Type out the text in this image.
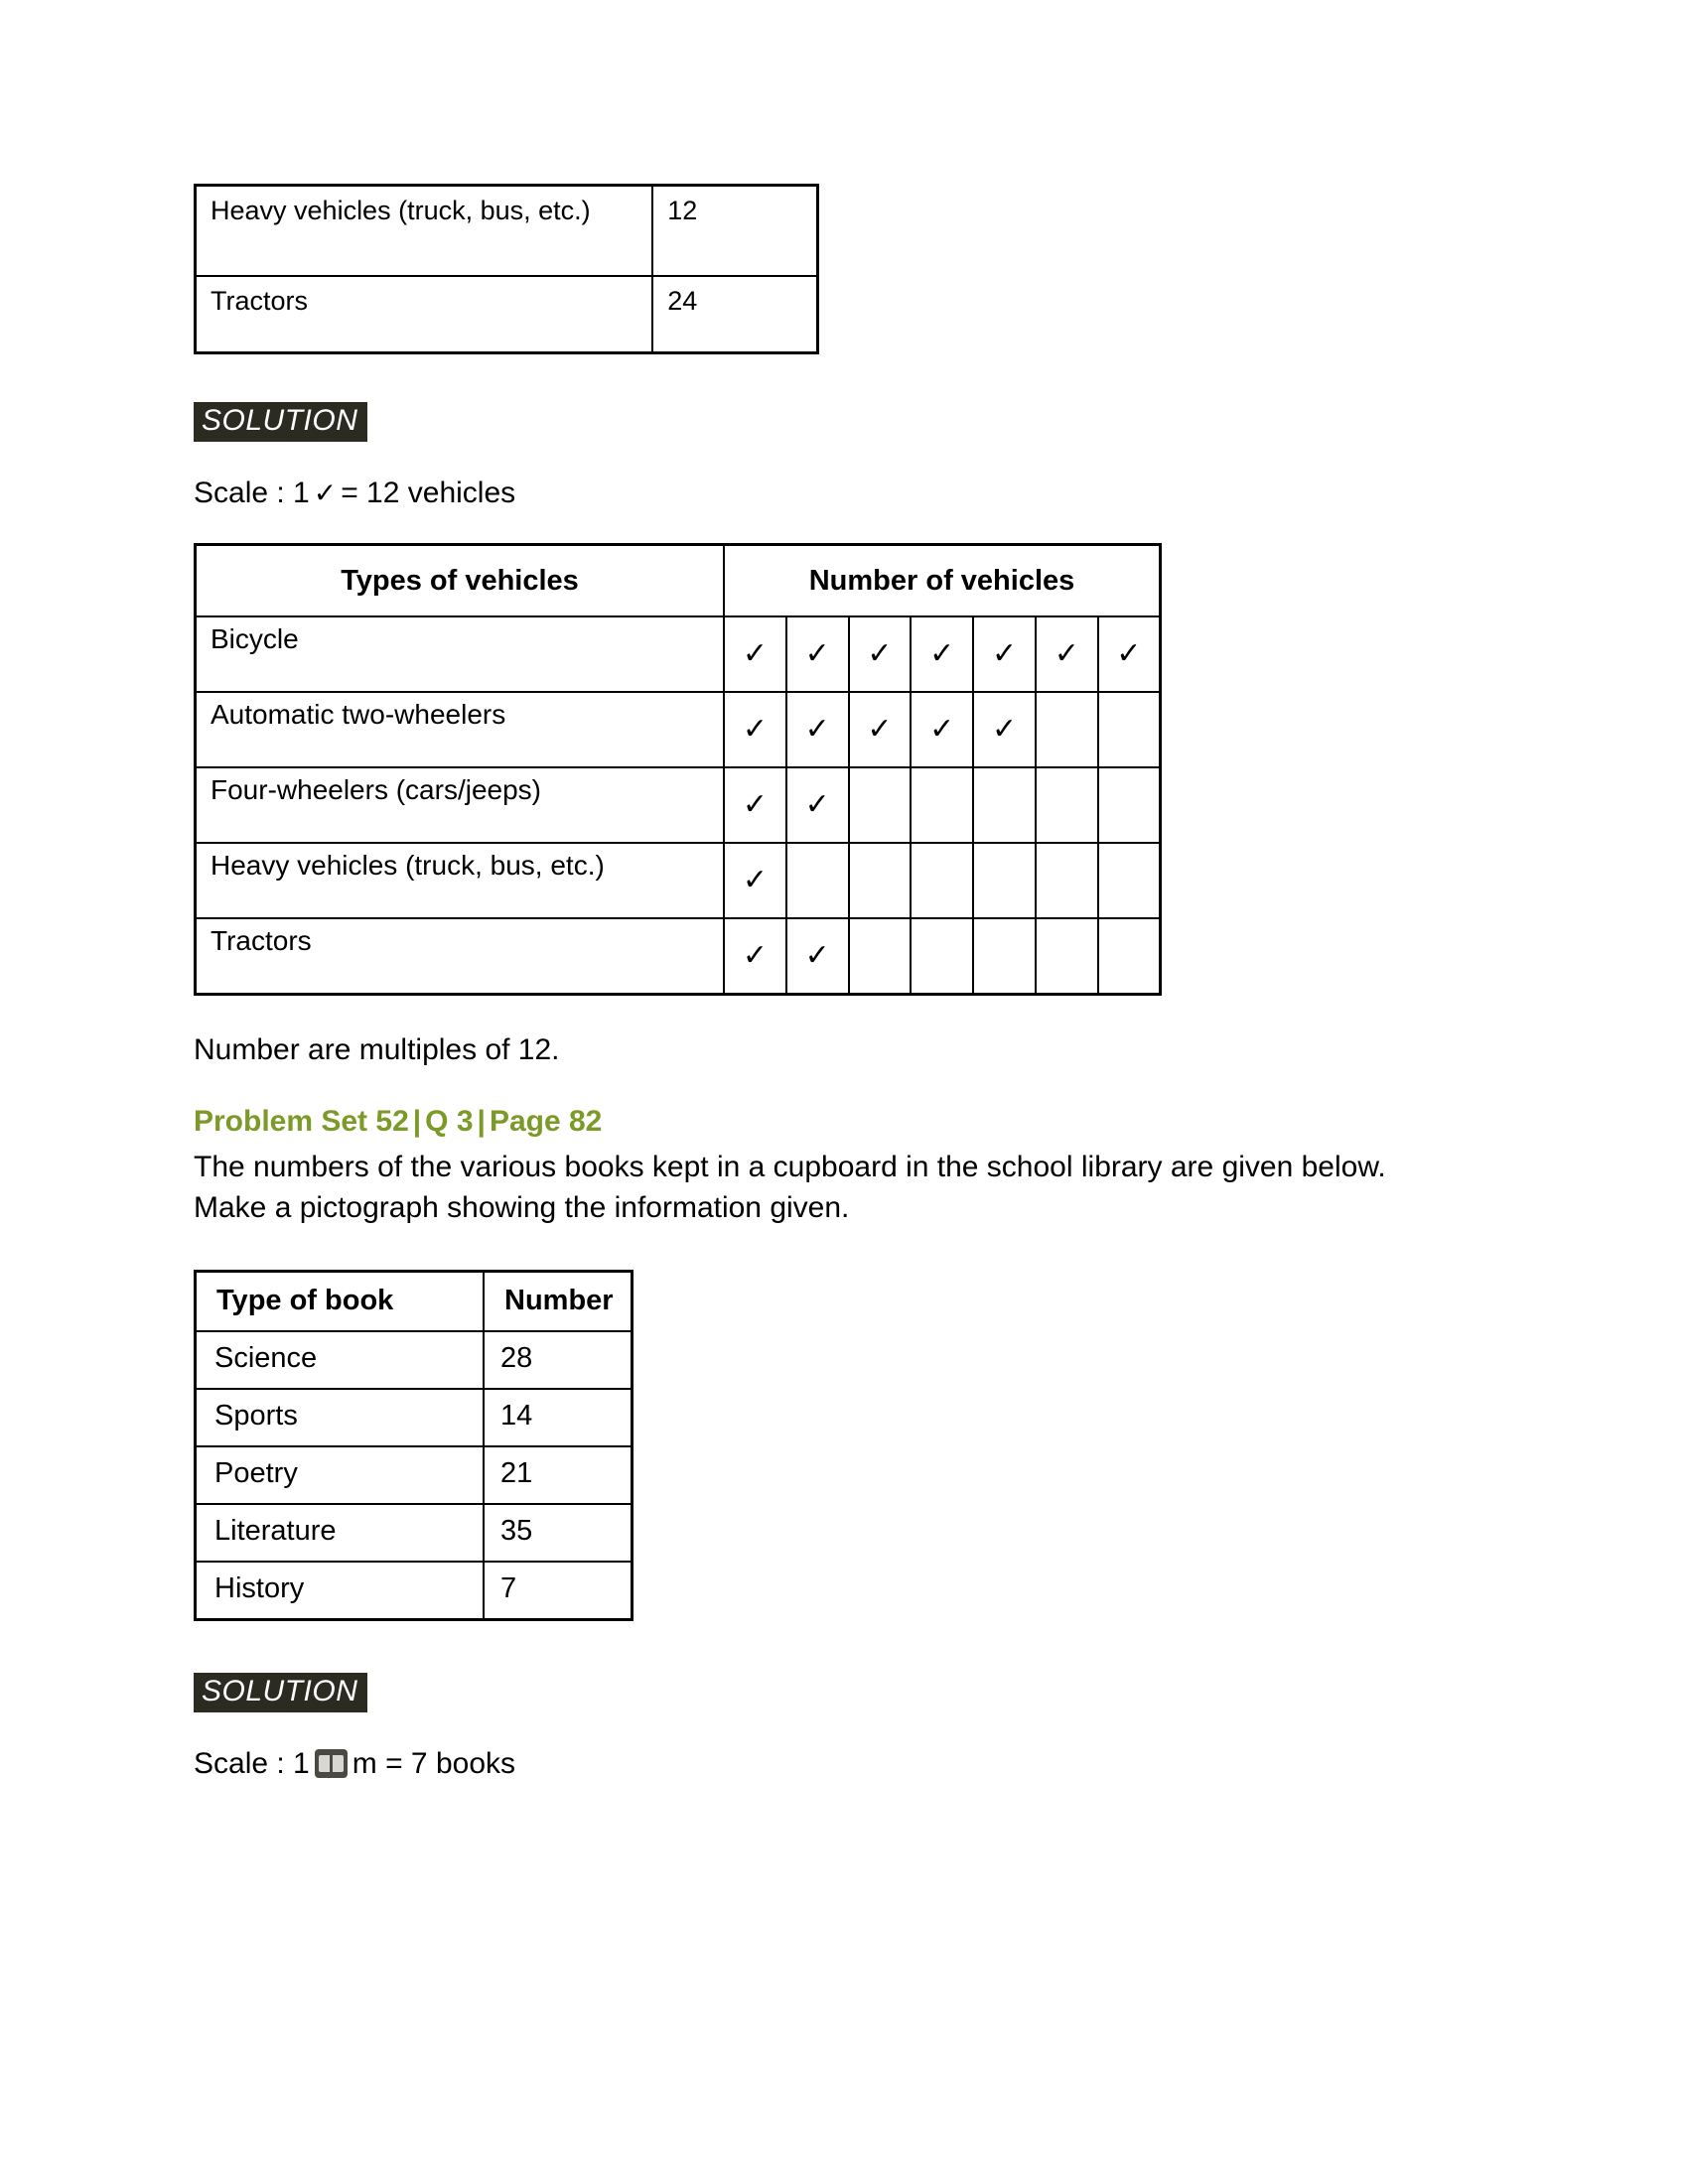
Heavy vehicles (truck, bus, etc.)	12
Tractors	24
SOLUTION
Scale : 1 ✓ = 12 vehicles
Types of vehicles	Number of vehicles						
Bicycle	✓	✓	✓	✓	✓	✓	✓
Automatic two-wheelers	✓	✓	✓	✓	✓		
Four-wheelers (cars/jeeps)	✓	✓					
Heavy vehicles (truck, bus, etc.)	✓						
Tractors	✓	✓					
Number are multiples of 12.
Problem Set 52 | Q 3 | Page 82
The numbers of the various books kept in a cupboard in the school library are given below. Make a pictograph showing the information given.
Type of book	Number
Science	28
Sports	14
Poetry	21
Literature	35
History	7
SOLUTION
Scale : 1 m = 7 books
